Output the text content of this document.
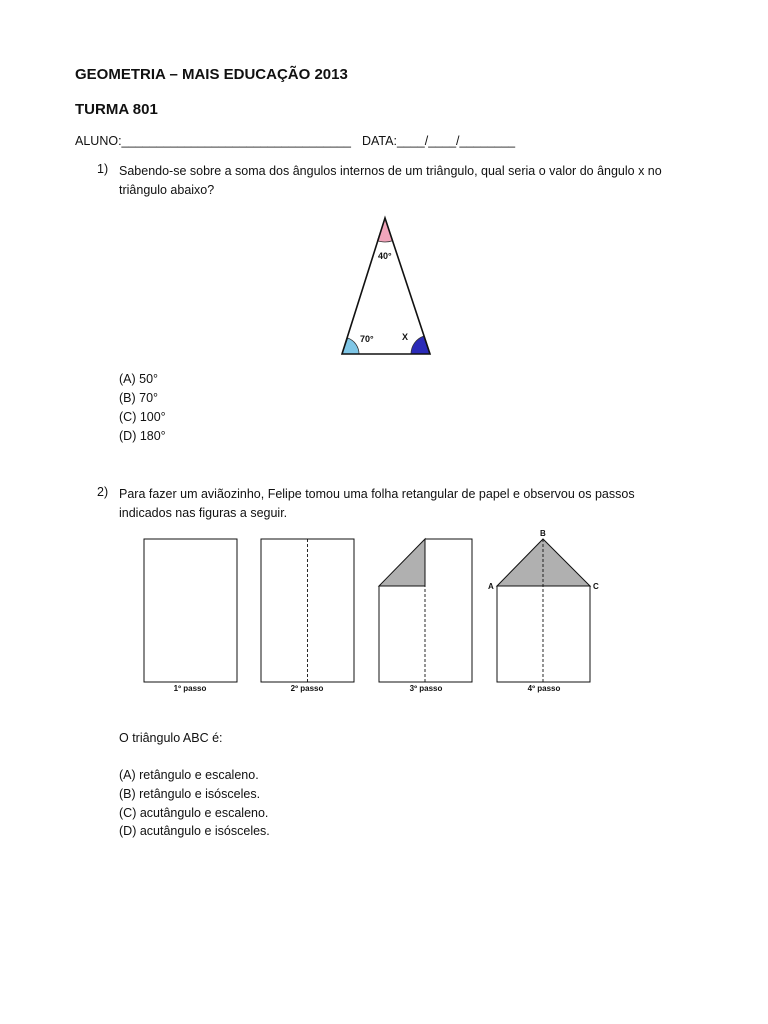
GEOMETRIA – MAIS EDUCAÇÃO 2013
TURMA 801
ALUNO:_________________________________ DATA:____/____/________
1) Sabendo-se sobre a soma dos ângulos internos de um triângulo, qual seria o valor do ângulo x no
triângulo abaixo?
40°
70°	X
(A) 50°
(B) 70°
(C) 100°
(D) 180°
2) Para fazer um aviãozinho, Felipe tomou uma folha retangular de papel e observou os passos
indicados nas figuras a seguir.
1º passo	2º passo	3º passo
A
B
C
4º passo
O triângulo ABC é:
(A) retângulo e escaleno.
(B) retângulo e isósceles.
(C) acutângulo e escaleno.
(D) acutângulo e isósceles.
